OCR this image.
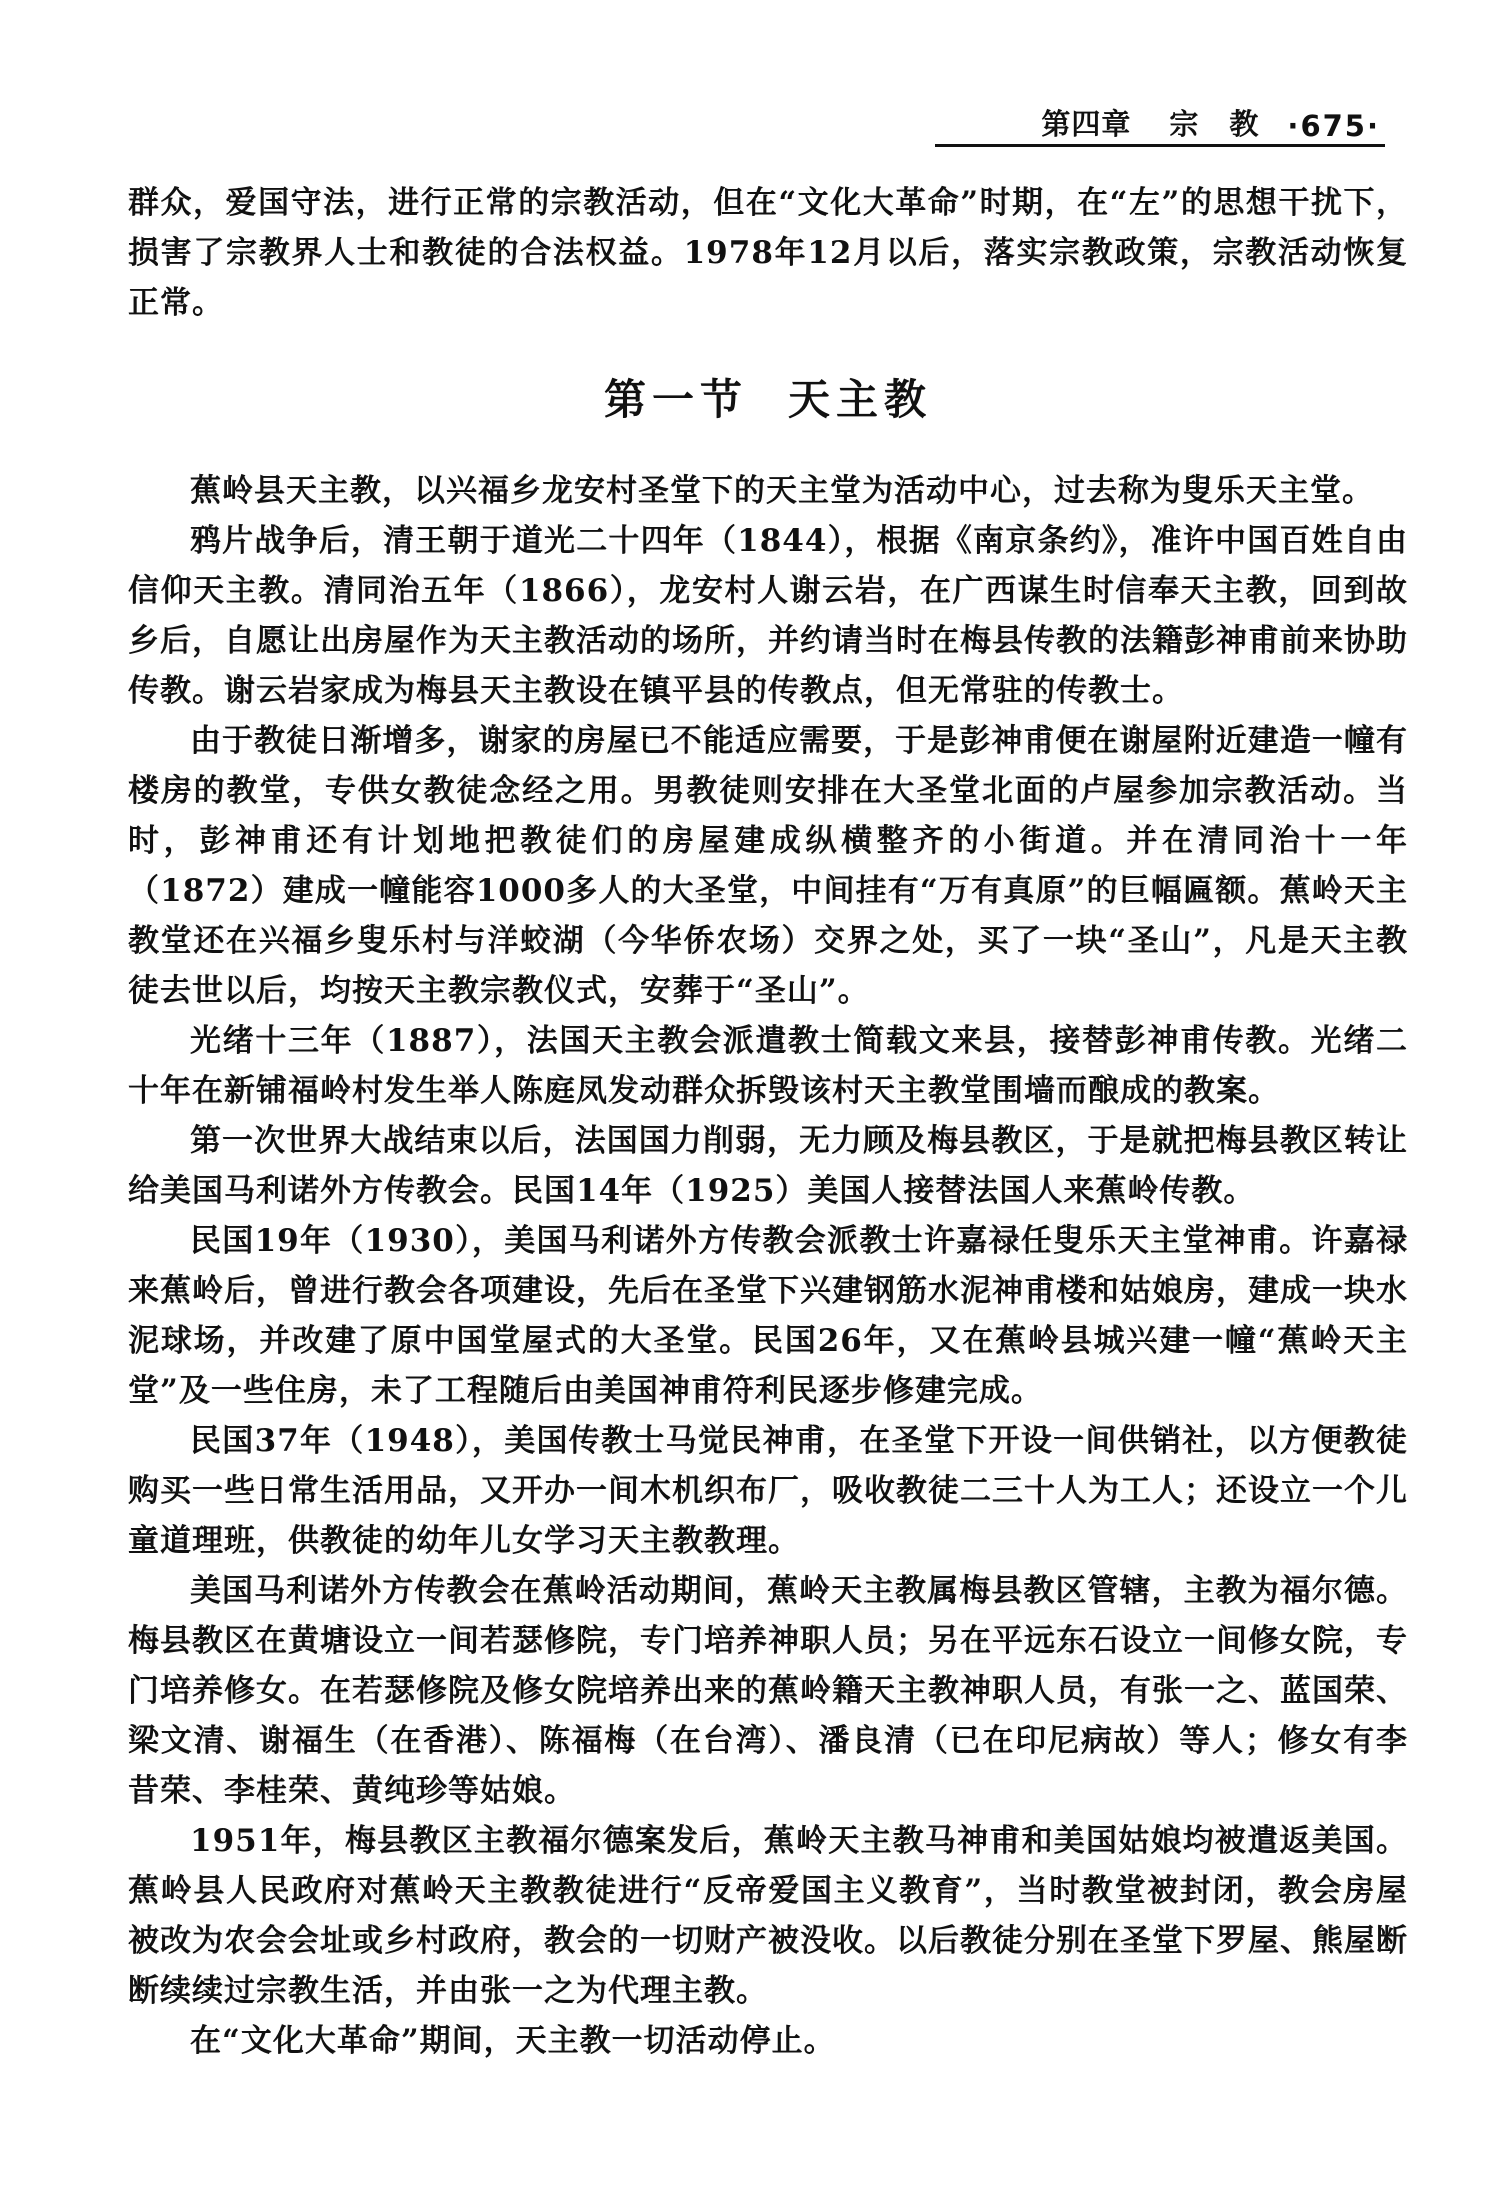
第四章 宗　教 ·675·

群众，爱国守法，进行正常的宗教活动，但在“文化大革命”时期，在“左”的思想干扰下，损害了宗教界人士和教徒的合法权益。1978年12月以后，落实宗教政策，宗教活动恢复正常。

第一节 天主教

蕉岭县天主教，以兴福乡龙安村圣堂下的天主堂为活动中心，过去称为叟乐天主堂。

鸦片战争后，清王朝于道光二十四年（1844），根据《南京条约》，准许中国百姓自由信仰天主教。清同治五年（1866），龙安村人谢云岩，在广西谋生时信奉天主教，回到故乡后，自愿让出房屋作为天主教活动的场所，并约请当时在梅县传教的法籍彭神甫前来协助传教。谢云岩家成为梅县天主教设在镇平县的传教点，但无常驻的传教士。

由于教徒日渐增多，谢家的房屋已不能适应需要，于是彭神甫便在谢屋附近建造一幢有楼房的教堂，专供女教徒念经之用。男教徒则安排在大圣堂北面的卢屋参加宗教活动。当时，彭神甫还有计划地把教徒们的房屋建成纵横整齐的小街道。并在清同治十一年（1872）建成一幢能容1000多人的大圣堂，中间挂有“万有真原”的巨幅匾额。蕉岭天主教堂还在兴福乡叟乐村与洋蛟湖（今华侨农场）交界之处，买了一块“圣山”，凡是天主教徒去世以后，均按天主教宗教仪式，安葬于“圣山”。

光绪十三年（1887），法国天主教会派遣教士简载文来县，接替彭神甫传教。光绪二十年在新铺福岭村发生举人陈庭凤发动群众拆毁该村天主教堂围墙而酿成的教案。

第一次世界大战结束以后，法国国力削弱，无力顾及梅县教区，于是就把梅县教区转让给美国马利诺外方传教会。民国14年（1925）美国人接替法国人来蕉岭传教。

民国19年（1930），美国马利诺外方传教会派教士许嘉禄任叟乐天主堂神甫。许嘉禄来蕉岭后，曾进行教会各项建设，先后在圣堂下兴建钢筋水泥神甫楼和姑娘房，建成一块水泥球场，并改建了原中国堂屋式的大圣堂。民国26年，又在蕉岭县城兴建一幢“蕉岭天主堂”及一些住房，未了工程随后由美国神甫符利民逐步修建完成。

民国37年（1948），美国传教士马觉民神甫，在圣堂下开设一间供销社，以方便教徒购买一些日常生活用品，又开办一间木机织布厂，吸收教徒二三十人为工人；还设立一个儿童道理班，供教徒的幼年儿女学习天主教教理。

美国马利诺外方传教会在蕉岭活动期间，蕉岭天主教属梅县教区管辖，主教为福尔德。梅县教区在黄塘设立一间若瑟修院，专门培养神职人员；另在平远东石设立一间修女院，专门培养修女。在若瑟修院及修女院培养出来的蕉岭籍天主教神职人员，有张一之、蓝国荣、梁文清、谢福生（在香港）、陈福梅（在台湾）、潘良清（已在印尼病故）等人；修女有李昔荣、李桂荣、黄纯珍等姑娘。

1951年，梅县教区主教福尔德案发后，蕉岭天主教马神甫和美国姑娘均被遣返美国。蕉岭县人民政府对蕉岭天主教教徒进行“反帝爱国主义教育”，当时教堂被封闭，教会房屋被改为农会会址或乡村政府，教会的一切财产被没收。以后教徒分别在圣堂下罗屋、熊屋断断续续过宗教生活，并由张一之为代理主教。

在“文化大革命”期间，天主教一切活动停止。
